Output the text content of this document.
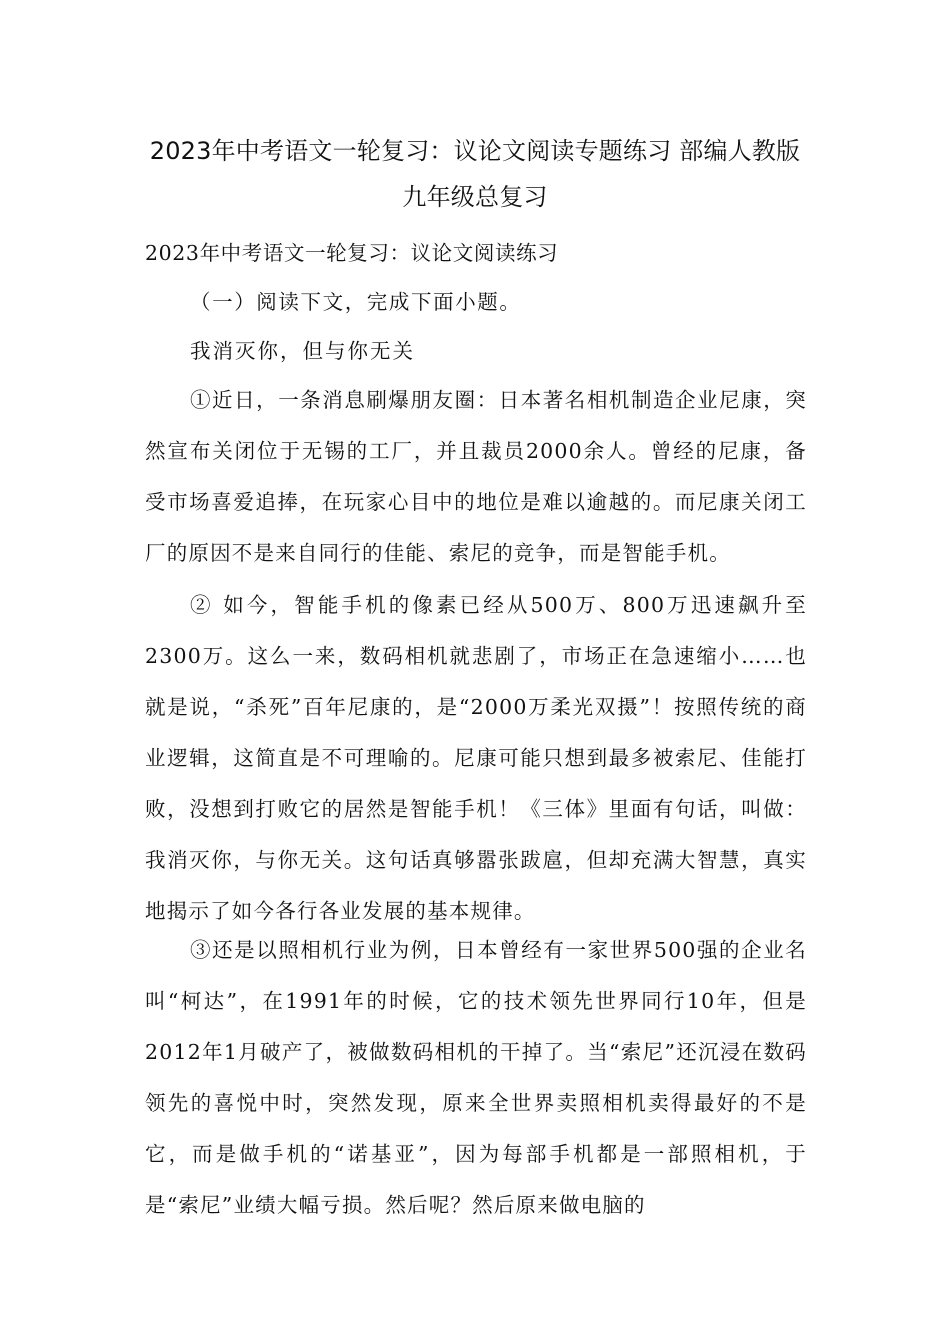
2023年中考语文一轮复习：议论文阅读专题练习 部编人教版九年级总复习
2023年中考语文一轮复习：议论文阅读练习
（一）阅读下文，完成下面小题。
我消灭你，但与你无关

①近日，一条消息刷爆朋友圈：日本著名相机制造企业尼康，突然宣布关闭位于无锡的工厂，并且裁员2000余人。曾经的尼康，备受市场喜爱追捧，在玩家心目中的地位是难以逾越的。而尼康关闭工厂的原因不是来自同行的佳能、索尼的竞争，而是智能手机。

② 如今，智能手机的像素已经从500万、800万迅速飙升至2300万。这么一来，数码相机就悲剧了，市场正在急速缩小……也就是说，“杀死”百年尼康的，是“2000万柔光双摄”！按照传统的商业逻辑，这简直是不可理喻的。尼康可能只想到最多被索尼、佳能打败，没想到打败它的居然是智能手机！《三体》里面有句话，叫做：我消灭你，与你无关。这句话真够嚣张跋扈，但却充满大智慧，真实地揭示了如今各行各业发展的基本规律。

③还是以照相机行业为例，日本曾经有一家世界500强的企业名叫“柯达”，在1991年的时候，它的技术领先世界同行10年，但是2012年1月破产了，被做数码相机的干掉了。当“索尼”还沉浸在数码领先的喜悦中时，突然发现，原来全世界卖照相机卖得最好的不是它，而是做手机的“诺基亚”，因为每部手机都是一部照相机，于是“索尼”业绩大幅亏损。然后呢？然后原来做电脑的
